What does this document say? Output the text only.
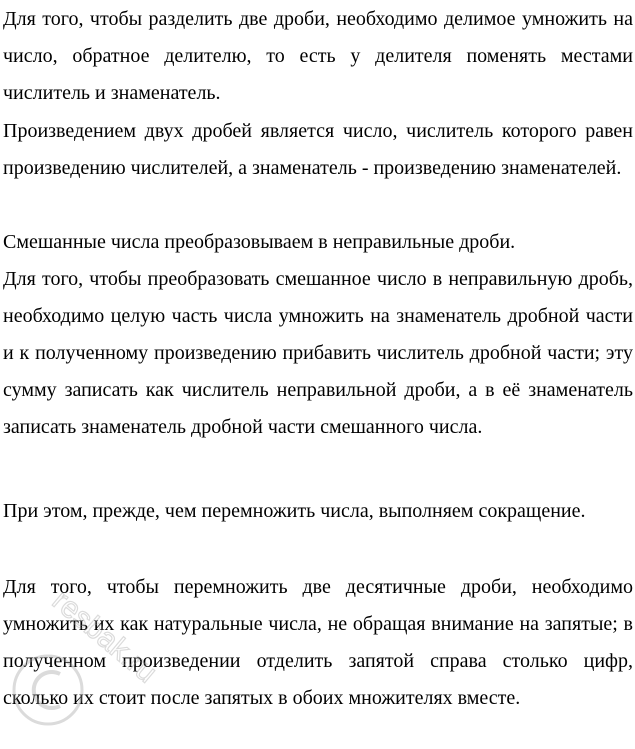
Для того, чтобы разделить две дроби, необходимо делимое умножить на число, обратное делителю, то есть у делителя поменять местами числитель и знаменатель.

Произведением двух дробей является число, числитель которого равен произведению числителей, а знаменатель - произведению знаменателей.

Смешанные числа преобразовываем в неправильные дроби.

Для того, чтобы преобразовать смешанное число в неправильную дробь, необходимо целую часть числа умножить на знаменатель дробной части и к полученному произведению прибавить числитель дробной части; эту сумму записать как числитель неправильной дроби, а в её знаменатель записать знаменатель дробной части смешанного числа.

При этом, прежде, чем перемножить числа, выполняем сокращение.

Для того, чтобы перемножить две десятичные дроби, необходимо умножить их как натуральные числа, не обращая внимание на запятые; в полученном произведении отделить запятой справа столько цифр, сколько их стоит после запятых в обоих множителях вместе.

resbak.ru
